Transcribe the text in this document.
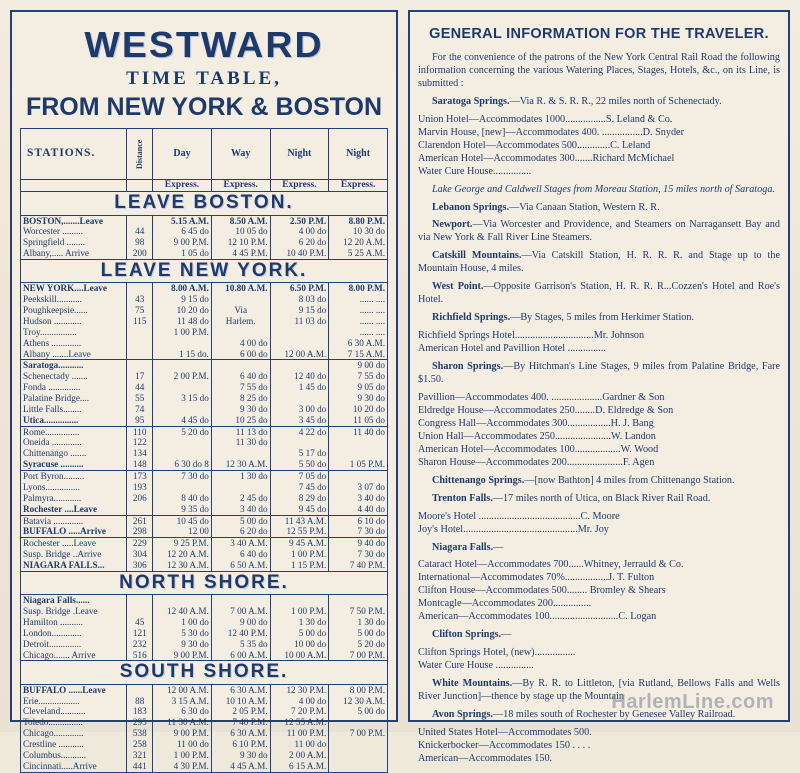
WESTWARD
TIME TABLE,
FROM NEW YORK & BOSTON
STATIONS.	Distance	Day	Way	Night	Night
		Express.	Express.	Express.	Express.
LEAVE BOSTON.					
BOSTON,.......Leave		5.15 A.M.	8.50 A.M.	2.50 P.M.	8.80 P.M.
Worcester .........	44	6 45 do	10 05 do	4 00 do	10 30 do
Springfield ........	98	9 00 P.M.	12 10 P.M.	6 20 do	12 20 A.M.
Albany,..... Arrive	200	1 05 do	4 45 P.M.	10 40 P.M.	5 25 A.M.
LEAVE NEW YORK.					
NEW YORK....Leave		8.00 A.M.	10.80 A.M.	6.50 P.M.	8.00 P.M.
Peekskill...........	43	9 15 do		8 03 do	...... ....
Poughkeepsie......	75	10 20 do	Via	9 15 do	...... ....
Hudson ............	115	11 48 do	Harlem.	11 03 do	...... ....
Troy................		1 00 P.M.			...... ....
Athens .............			4 00 do		6 30 A.M.
Albany .......Leave		1 15 do.	6 00 do	12 00 A.M.	7 15 A.M.

Saratoga...........					9 00 do
Schenectady .......	17	2 00 P.M.	6 40 do	12 40 do	7 55 do
Fonda ..............	44		7 55 do	1 45 do	9 05 do
Palatine Bridge....	55	3 15 do	8 25 do		9 30 do
Little Falls........	74		9 30 do	3 00 do	10 20 do
Utica...............	95	4 45 do	10 25 do	3 45 do	11 05 do

Rome...............	110	5 20 do	11 13 do	4 22 do	11 40 do
Oneida .............	122		11 30 do		
Chittenango .......	134			5 17 do	
Syracuse ..........	148	6 30 do 8	12 30 A.M.	5 50 do	1 05 P.M.

Port Byron.........	173	7 30 do	1 30 do	7 05 do	
Lyons...............	193			7 45 do	3 07 do
Palmyra............	206	8 40 do	2 45 do	8 29 do	3 40 do
Rochester ....Leave		9 35 do	3 40 do	9 45 do	4 40 do

Batavia .............	261	10 45 do	5 00 do	11 43 A.M.	6 10 do
BUFFALO .....Arrive	298	12 00	6 20 do	12 55 P.M.	7 30 do

Rochester .....Leave	229	9 25 P.M.	3 40 A.M.	9 45 A.M.	9 40 do
Susp. Bridge ..Arrive	304	12 20 A.M.	6 40 do	1 00 P.M.	7 30 do
NIAGARA FALLS...	306	12 30 A.M.	6 50 A.M.	1 15 P.M.	7 40 P.M.
NORTH SHORE.					
Niagara Falls......					
Susp. Bridge .Leave		12 40 A.M.	7 00 A.M.	1 00 P.M.	7 50 P.M.
Hamilton ..........	45	1 00 do	9 00 do	1 30 do	1 30 do
London.............	121	5 30 do	12 40 P.M.	5 00 do	5 00 do
Detroit..............	232	9 30 do	5 35 do	10 00 do	5 20 do
Chicago....... Arrive	516	9 00 P.M.	6 00 A.M.	10 00 A.M.	7 00 P.M.
SOUTH SHORE.					
BUFFALO ......Leave		12 00 A.M.	6 30 A.M.	12 30 P.M.	8 00 P.M.
Erie..................	88	3 15 A.M.	10 10 A.M.	4 00 do	12 30 A.M.
Cleveland...........	183	6 30 do	2 05 P.M.	7 20 P.M.	5 00 do
Toledo...............	295	11 30 A.M.	7 40 P.M.	12 55 A.M.	
Chicago.............	538	9 00 P.M.	6 30 A.M.	11 00 P.M.	7 00 P.M.
Crestline ...........	258	11 00 do	6 10 P.M.	11 00 do	
Columbus...........	321	1 00 P.M.	9 30 do	2 00 A.M.	
Cincinnati.....Arrive	441	4 30 P.M.	4 45 A.M.	6 15 A.M.	

GENERAL INFORMATION FOR THE TRAVELER.

For the convenience of the patrons of the New York Central Rail Road the following information concerning the various Watering Places, Stages, Hotels, &c., on its Line, is submitted :

Saratoga Springs.—Via R. & S. R. R., 22 miles north of Schenectady.

Union Hotel—Accommodates 1000................S. Leland & Co.
Marvin House, [new]—Accommodates 400. ................D. Snyder
Clarendon Hotel—Accommodates 500.............C. Leland
American Hotel—Accommodates 300.......Richard McMichael
Water Cure House...............

Lake George and Caldwell Stages from Moreau Station, 15 miles north of Saratoga.

Lebanon Springs.—Via Canaan Station, Western R. R.

Newport.—Via Worcester and Providence, and Steamers on Narragansett Bay and via New York & Fall River Line Steamers.

Catskill Mountains.—Via Catskill Station, H. R. R. R. and Stage up to the Mountain House, 4 miles.

West Point.—Opposite Garrison's Station, H. R. R. R...Cozzen's Hotel and Roe's Hotel.

Richfield Springs.—By Stages, 5 miles from Herkimer Station.

Richfield Springs Hotel...............................Mr. Johnson
American Hotel and Pavillion Hotel ...............

Sharon Springs.—By Hitchman's Line Stages, 9 miles from Palatine Bridge, Fare $1.50.

Pavillion—Accommodates 400. ....................Gardner & Son
Eldredge House—Accommodates 250........D. Eldredge & Son
Congress Hall—Accommodates 300.................H. J. Bang
Union Hall—Accommodates 250......................W. Landon
American Hotel—Accommodates 100..................W. Wood
Sharon House—Accommodates 200......................F. Agen

Chittenango Springs.—[now Bathton] 4 miles from Chittenango Station.

Trenton Falls.—17 miles north of Utica, on Black River Rail Road.

Moore's Hotel ........................................C. Moore
Joy's Hotel.............................................Mr. Joy

Niagara Falls.—

Cataract Hotel—Accommodates 700......Whitney, Jerrauld & Co.
International—Accommodates 70%.................J. T. Fulton
Clifton House—Accommodates 500........ Bromley & Shears
Montcagle—Accommodates 200...............
American—Accommodates 100...........................C. Logan

Clifton Springs.—

Clifton Springs Hotel, (new)................
Water Cure House ...............

White Mountains.—By R. R. to Littleton, [via Rutland, Bellows Falls and Wells River Junction]—thence by stage up the Mountain

Avon Springs.—18 miles south of Rochester by Genesee Valley Railroad.

United States Hotel—Accommodates 500.
Knickerbocker—Accommodates 150 . . . .
American—Accommodates 150.

HarlemLine.com
